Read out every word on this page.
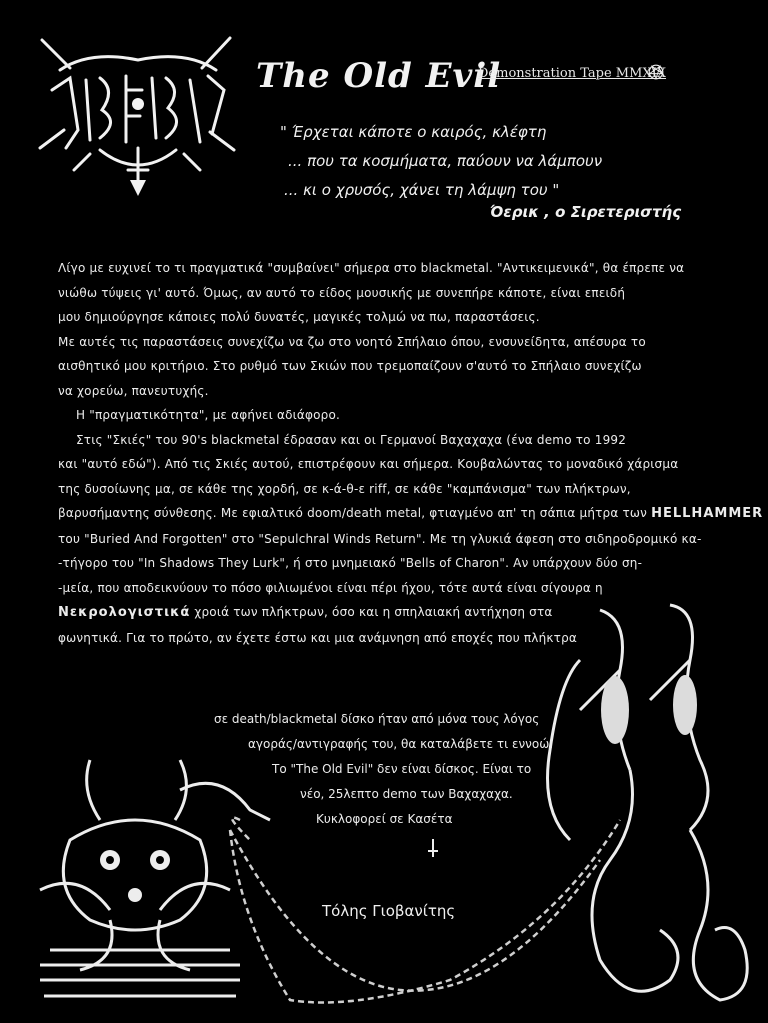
The Old Evil
Demonstration Tape MMXIX
" Έρχεται κάποτε ο καιρός, κλέφτη
... που τα κοσμήματα, παύουν να λάμπουν
... κι ο χρυσός, χάνει τη λάμψη του "
Όερικ , ο Σιρετεριστής
Λίγο με ευχινεί το τι πραγματικά "συμβαίνει" σήμερα στο blackmetal. "Αντικειμενικά", θα έπρεπε να
νιώθω τύψεις γι' αυτό. Όμως, αν αυτό το είδος μουσικής με συνεπήρε κάποτε, είναι επειδή
μου δημιούργησε κάποιες πολύ δυνατές, μαγικές τολμώ να πω, παραστάσεις.
Με αυτές τις παραστάσεις συνεχίζω να ζω στο νοητό Σπήλαιο όπου, ενσυνείδητα, απέσυρα το
αισθητικό μου κριτήριο. Στο ρυθμό των Σκιών που τρεμοπαίζουν σ'αυτό το Σπήλαιο συνεχίζω
να χορεύω, πανευτυχής.
Η "πραγματικότητα", με αφήνει αδιάφορο.
Στις "Σκιές" του 90's blackmetal έδρασαν και οι Γερμανοί Βαχαχαχα (ένα demo το 1992
και "αυτό εδώ"). Από τις Σκιές αυτού, επιστρέφουν και σήμερα. Κουβαλώντας το μοναδικό χάρισμα
της δυσοίωνης μα, σε κάθε της χορδή, σε κ-ά-θ-ε riff, σε κάθε "καμπάνισμα" των πλήκτρων,
βαρυσήμαντης σύνθεσης. Με εφιαλτικό doom/death metal, φτιαγμένο απ' τη σάπια μήτρα των HELLHAMMER
του "Buried And Forgotten" στο "Sepulchral Winds Return". Με τη γλυκιά άφεση στο σιδηροδρομικό κα-
-τήγορο του "In Shadows They Lurk", ή στο μνημειακό "Bells of Charon". Αν υπάρχουν δύο ση-
-μεία, που αποδεικνύουν το πόσο φιλιωμένοι είναι πέρι ήχου, τότε αυτά είναι σίγουρα η
Νεκρολογιστικά χροιά των πλήκτρων, όσο και η σπηλαιακή αντήχηση στα
φωνητικά. Για το πρώτο, αν έχετε έστω και μια ανάμνηση από εποχές που πλήκτρα
σε death/blackmetal δίσκο ήταν από μόνα τους λόγος
αγοράς/αντιγραφής του, θα καταλάβετε τι εννοώ.
Το "The Old Evil" δεν είναι δίσκος. Είναι το
νέο, 25λεπτο demo των Βαχαχαχα.
Κυκλοφορεί σε Κασέτα
Τόλης Γιοβανίτης
